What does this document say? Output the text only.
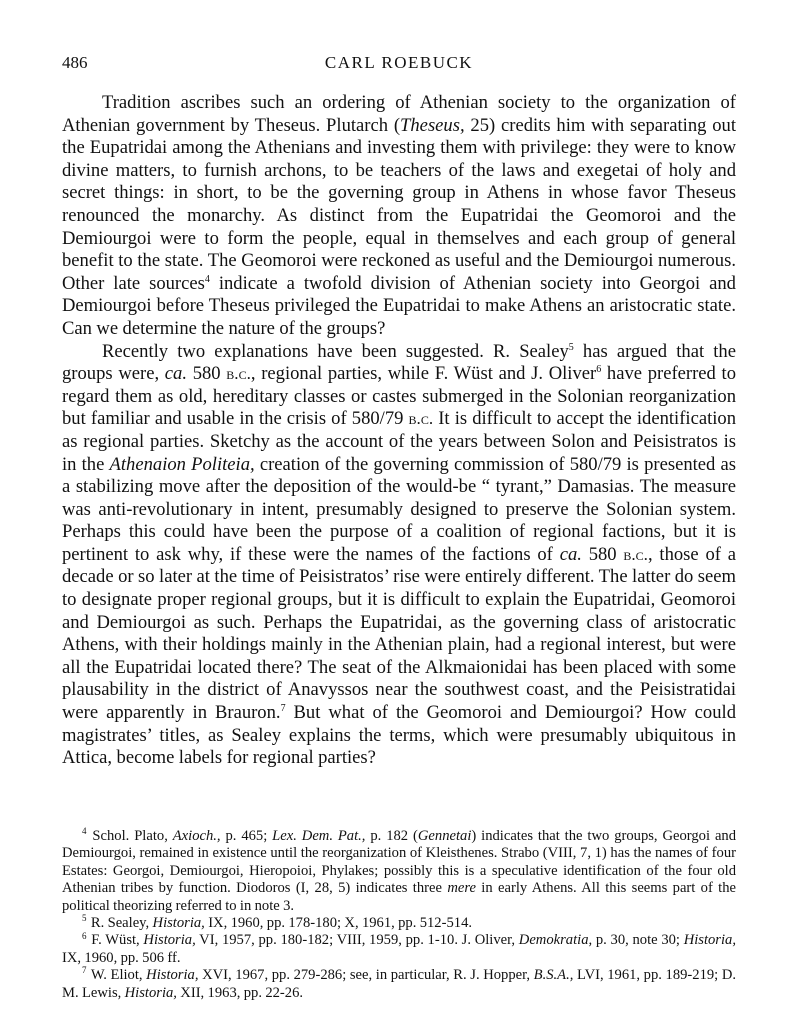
486	CARL ROEBUCK

Tradition ascribes such an ordering of Athenian society to the organization of Athenian government by Theseus. Plutarch (Theseus, 25) credits him with separating out the Eupatridai among the Athenians and investing them with privilege: they were to know divine matters, to furnish archons, to be teachers of the laws and exegetai of holy and secret things: in short, to be the governing group in Athens in whose favor Theseus renounced the monarchy. As distinct from the Eupatridai the Geomoroi and the Demiourgoi were to form the people, equal in themselves and each group of general benefit to the state. The Geomoroi were reckoned as useful and the Demiourgoi numerous. Other late sources$^4$ indicate a twofold division of Athenian society into Georgoi and Demiourgoi before Theseus privileged the Eupatridai to make Athens an aristocratic state. Can we determine the nature of the groups?

Recently two explanations have been suggested. R. Sealey$^5$ has argued that the groups were, ca. 580 b.c., regional parties, while F. Wüst and J. Oliver$^6$ have preferred to regard them as old, hereditary classes or castes submerged in the Solonian reorganization but familiar and usable in the crisis of 580/79 b.c. It is difficult to accept the identification as regional parties. Sketchy as the account of the years between Solon and Peisistratos is in the Athenaion Politeia, creation of the governing commission of 580/79 is presented as a stabilizing move after the deposition of the would-be “ tyrant,” Damasias. The measure was anti-revolutionary in intent, presumably designed to preserve the Solonian system. Perhaps this could have been the purpose of a coalition of regional factions, but it is pertinent to ask why, if these were the names of the factions of ca. 580 b.c., those of a decade or so later at the time of Peisistratos’ rise were entirely different. The latter do seem to designate proper regional groups, but it is difficult to explain the Eupatridai, Geomoroi and Demiourgoi as such. Perhaps the Eupatridai, as the governing class of aristocratic Athens, with their holdings mainly in the Athenian plain, had a regional interest, but were all the Eupatridai located there? The seat of the Alkmaionidai has been placed with some plausability in the district of Anavyssos near the southwest coast, and the Peisistratidai were apparently in Brauron.$^7$ But what of the Geomoroi and Demiourgoi? How could magistrates’ titles, as Sealey explains the terms, which were presumably ubiquitous in Attica, become labels for regional parties?

$^4$ Schol. Plato, Axioch., p. 465; Lex. Dem. Pat., p. 182 (Gennetai) indicates that the two groups, Georgoi and Demiourgoi, remained in existence until the reorganization of Kleisthenes. Strabo (VIII, 7, 1) has the names of four Estates: Georgoi, Demiourgoi, Hieropoioi, Phylakes; possibly this is a speculative identification of the four old Athenian tribes by function. Diodoros (I, 28, 5) indicates three mere in early Athens. All this seems part of the political theorizing referred to in note 3.

$^5$ R. Sealey, Historia, IX, 1960, pp. 178-180; X, 1961, pp. 512-514.

$^6$ F. Wüst, Historia, VI, 1957, pp. 180-182; VIII, 1959, pp. 1-10. J. Oliver, Demokratia, p. 30, note 30; Historia, IX, 1960, pp. 506 ff.

$^7$ W. Eliot, Historia, XVI, 1967, pp. 279-286; see, in particular, R. J. Hopper, B.S.A., LVI, 1961, pp. 189-219; D. M. Lewis, Historia, XII, 1963, pp. 22-26.
